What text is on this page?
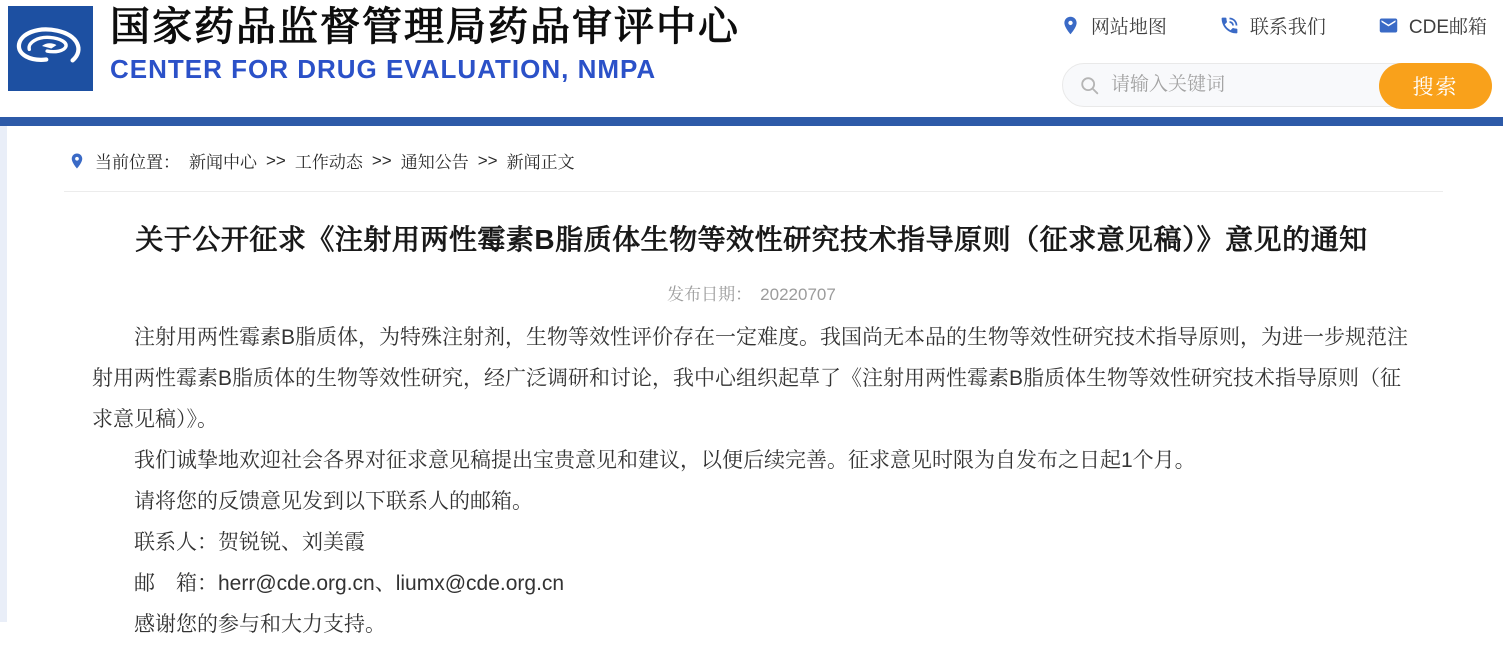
国家药品监督管理局药品审评中心
CENTER FOR DRUG EVALUATION, NMPA
网站地图	联系我们	CDE邮箱
请输入关键词
搜索
当前位置： 新闻中心 >> 工作动态 >> 通知公告 >> 新闻正文
关于公开征求《注射用两性霉素B脂质体生物等效性研究技术指导原则（征求意见稿）》意见的通知
发布日期： 20220707

注射用两性霉素B脂质体，为特殊注射剂，生物等效性评价存在一定难度。我国尚无本品的生物等效性研究技术指导原则，为进一步规范注射用两性霉素B脂质体的生物等效性研究，经广泛调研和讨论，我中心组织起草了《注射用两性霉素B脂质体生物等效性研究技术指导原则（征求意见稿）》。

我们诚挚地欢迎社会各界对征求意见稿提出宝贵意见和建议，以便后续完善。征求意见时限为自发布之日起1个月。

请将您的反馈意见发到以下联系人的邮箱。

联系人：贺锐锐、刘美霞

邮　箱：herr@cde.org.cn、liumx@cde.org.cn

感谢您的参与和大力支持。
